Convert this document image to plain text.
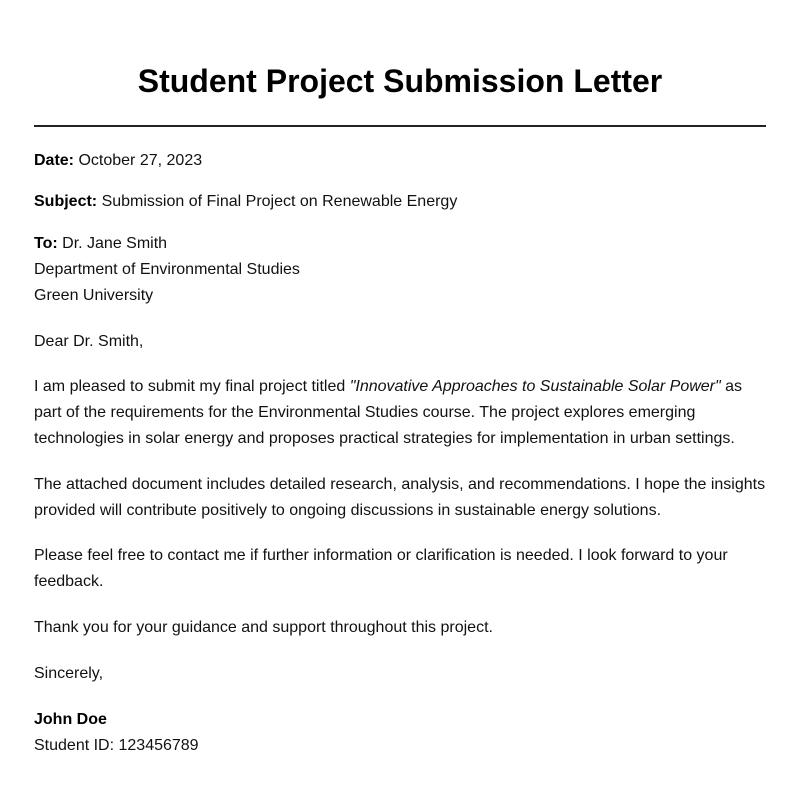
Student Project Submission Letter

Date: October 27, 2023

Subject: Submission of Final Project on Renewable Energy

To: Dr. Jane Smith
Department of Environmental Studies
Green University

Dear Dr. Smith,

I am pleased to submit my final project titled "Innovative Approaches to Sustainable Solar Power" as part of the requirements for the Environmental Studies course. The project explores emerging technologies in solar energy and proposes practical strategies for implementation in urban settings.

The attached document includes detailed research, analysis, and recommendations. I hope the insights provided will contribute positively to ongoing discussions in sustainable energy solutions.

Please feel free to contact me if further information or clarification is needed. I look forward to your feedback.

Thank you for your guidance and support throughout this project.

Sincerely,

John Doe
Student ID: 123456789
